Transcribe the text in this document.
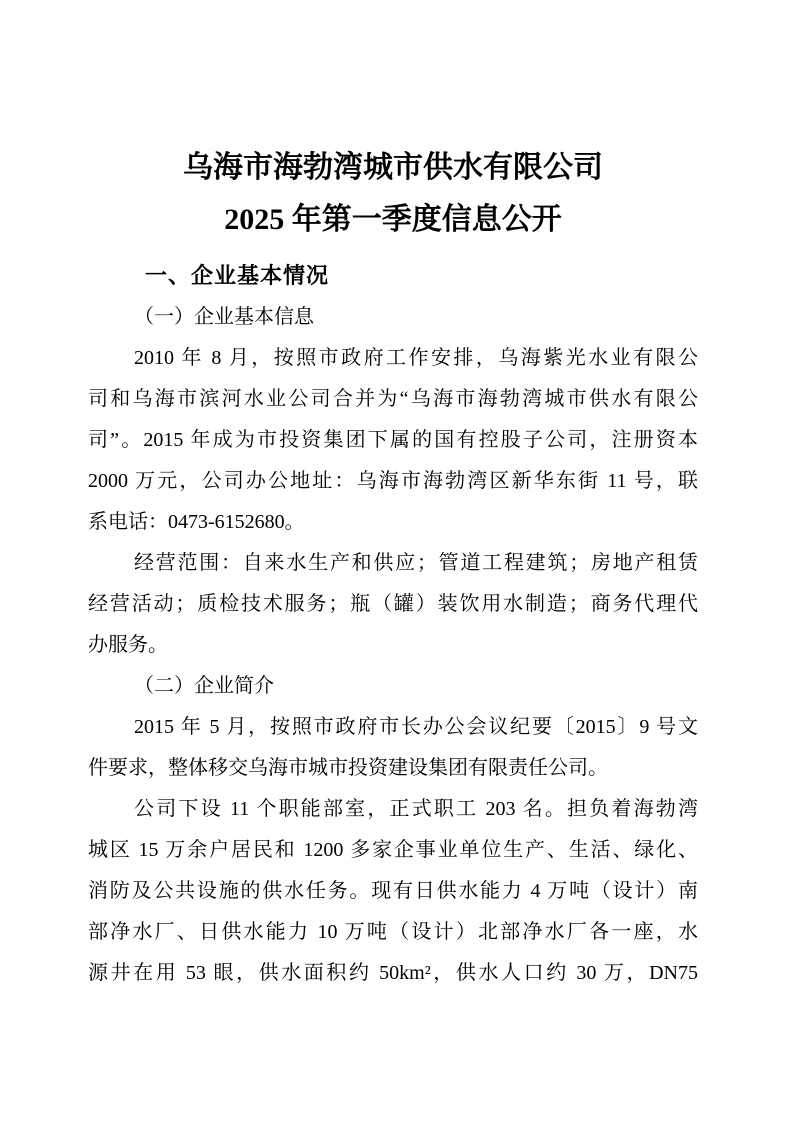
乌海市海勃湾城市供水有限公司
2025 年第一季度信息公开
一、企业基本情况
（一）企业基本信息
2010 年 8 月，按照市政府工作安排，乌海紫光水业有限公
司和乌海市滨河水业公司合并为“乌海市海勃湾城市供水有限公
司”。2015 年成为市投资集团下属的国有控股子公司，注册资本
2000 万元，公司办公地址：乌海市海勃湾区新华东街 11 号，联
系电话：0473-6152680。
经营范围：自来水生产和供应；管道工程建筑；房地产租赁
经营活动；质检技术服务；瓶（罐）装饮用水制造；商务代理代
办服务。
（二）企业简介
2015 年 5 月，按照市政府市长办公会议纪要〔2015〕9 号文
件要求，整体移交乌海市城市投资建设集团有限责任公司。
公司下设 11 个职能部室，正式职工 203 名。担负着海勃湾
城区 15 万余户居民和 1200 多家企事业单位生产、生活、绿化、
消防及公共设施的供水任务。现有日供水能力 4 万吨（设计）南
部净水厂、日供水能力 10 万吨（设计）北部净水厂各一座，水
源井在用 53 眼，供水面积约 50km²，供水人口约 30 万，DN75
